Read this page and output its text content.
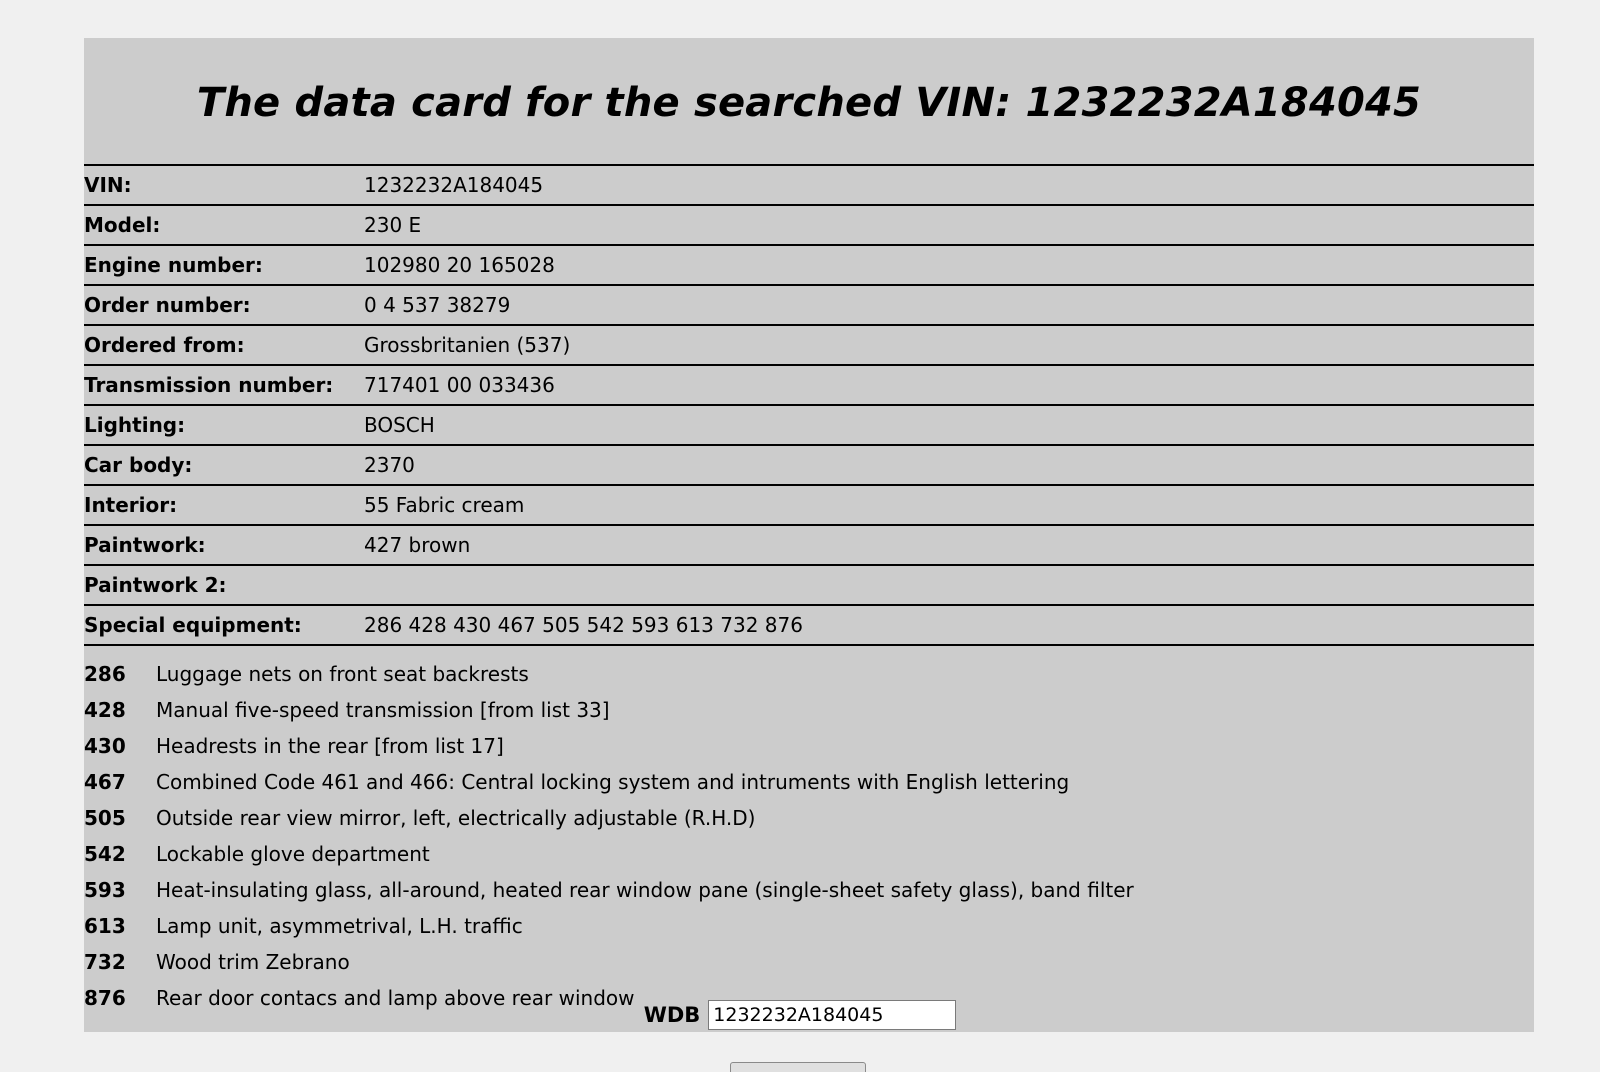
The data card for the searched VIN: 1232232A184045
VIN:	1232232A184045
Model:	230 E
Engine number:	102980 20 165028
Order number:	0 4 537 38279
Ordered from:	Grossbritanien (537)
Transmission number:	717401 00 033436
Lighting:	BOSCH
Car body:	2370
Interior:	55 Fabric cream
Paintwork:	427 brown
Paintwork 2:	
Special equipment:	286 428 430 467 505 542 593 613 732 876
286	Luggage nets on front seat backrests
428	Manual five-speed transmission [from list 33]
430	Headrests in the rear [from list 17]
467	Combined Code 461 and 466: Central locking system and intruments with English lettering
505	Outside rear view mirror, left, electrically adjustable (R.H.D)
542	Lockable glove department
593	Heat-insulating glass, all-around, heated rear window pane (single-sheet safety glass), band filter
613	Lamp unit, asymmetrival, L.H. traffic
732	Wood trim Zebrano
876	Rear door contacs and lamp above rear window
WDB
1232232A184045
